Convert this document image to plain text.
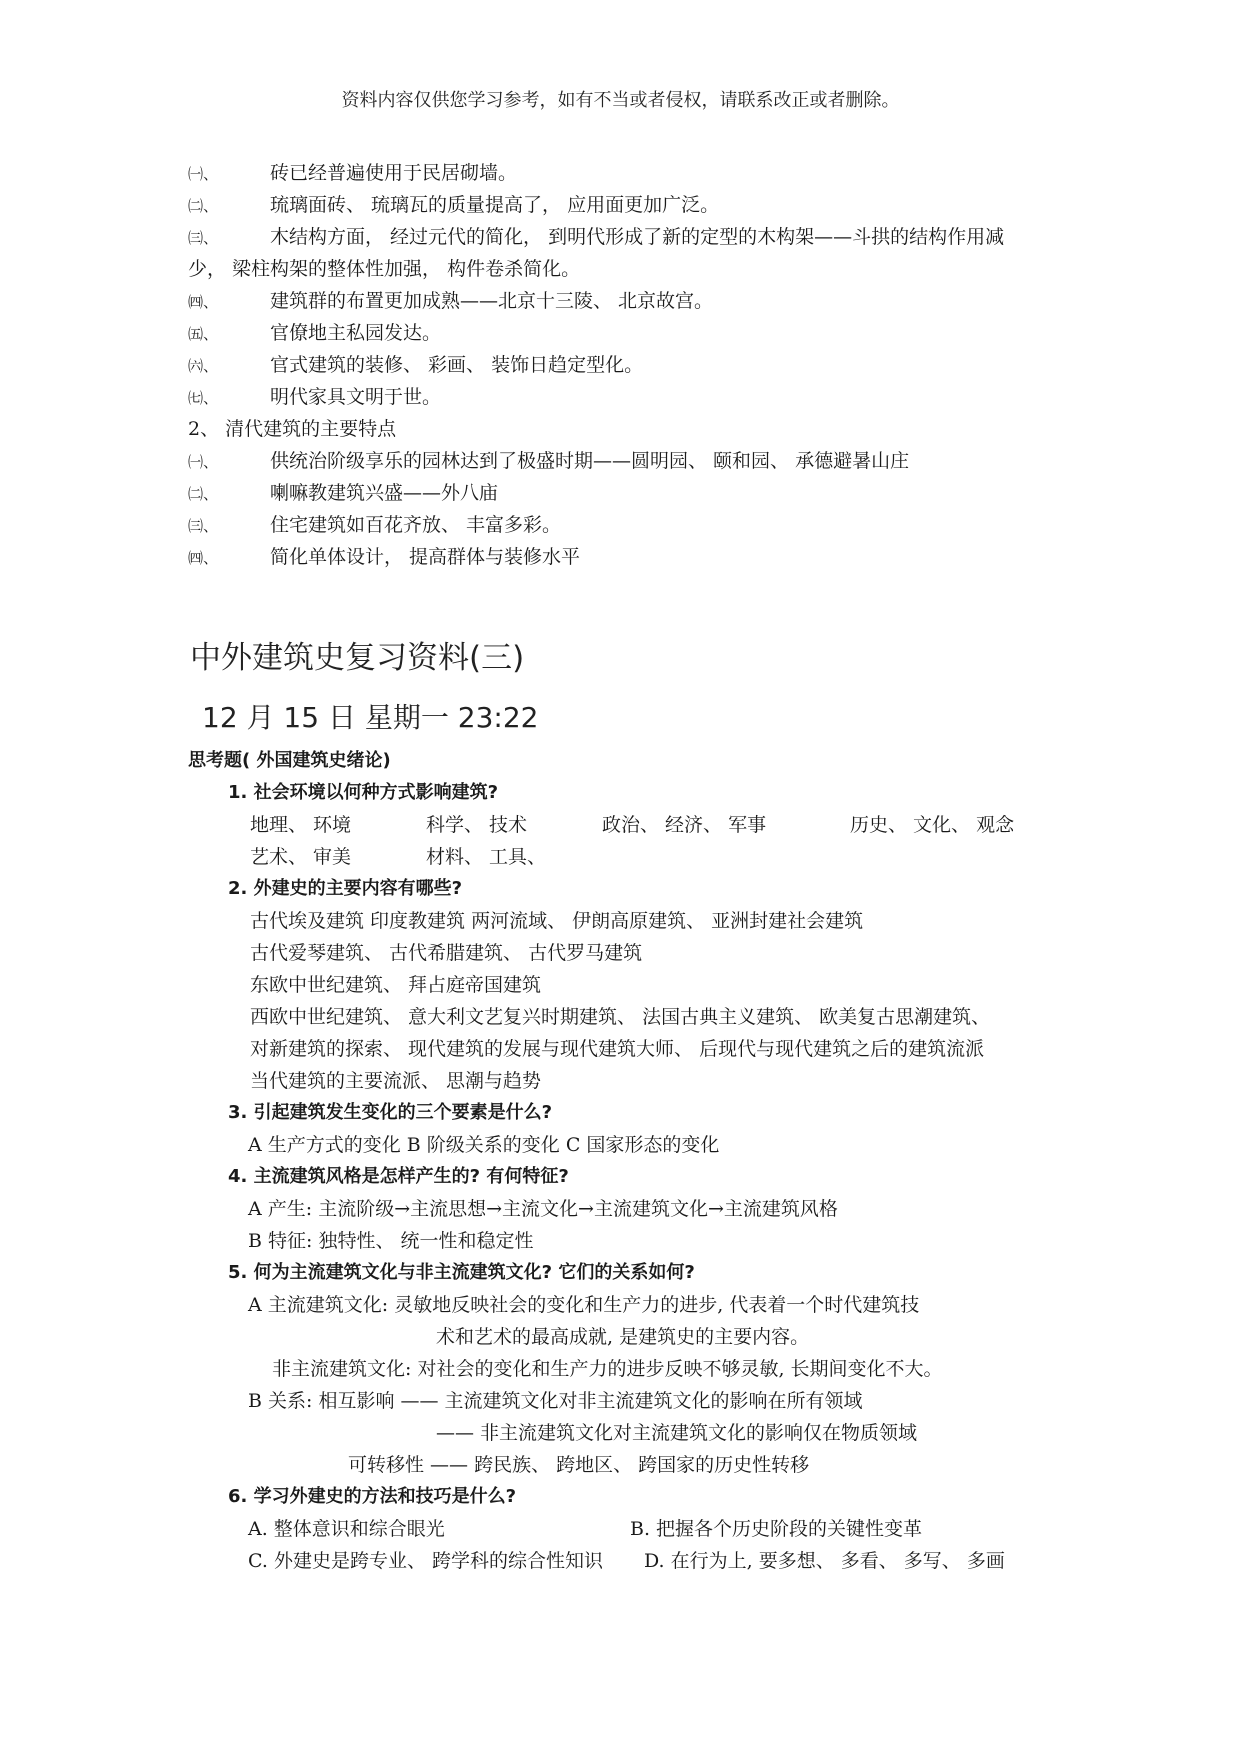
资料内容仅供您学习参考，如有不当或者侵权，请联系改正或者删除。
㈠、	砖已经普遍使用于民居砌墙。
㈡、	琉璃面砖、 琉璃瓦的质量提高了， 应用面更加广泛。
㈢、	木结构方面， 经过元代的简化， 到明代形成了新的定型的木构架——斗拱的结构作用减
少， 梁柱构架的整体性加强， 构件卷杀简化。
㈣、	建筑群的布置更加成熟——北京十三陵、 北京故宫。
㈤、	官僚地主私园发达。
㈥、	官式建筑的装修、 彩画、 装饰日趋定型化。
㈦、	明代家具文明于世。
2、 清代建筑的主要特点
㈠、	供统治阶级享乐的园林达到了极盛时期——圆明园、 颐和园、 承德避暑山庄
㈡、	喇嘛教建筑兴盛——外八庙
㈢、	住宅建筑如百花齐放、 丰富多彩。
㈣、	简化单体设计， 提高群体与装修水平
中外建筑史复习资料(三)
12 月 15 日 星期一 23:22
思考题( 外国建筑史绪论)
1. 社会环境以何种方式影响建筑?
地理、 环境	科学、 技术	政治、 经济、 军事	历史、 文化、 观念
艺术、 审美	材料、 工具、
2. 外建史的主要内容有哪些?
古代埃及建筑 印度教建筑 两河流域、 伊朗高原建筑、 亚洲封建社会建筑
古代爱琴建筑、 古代希腊建筑、 古代罗马建筑
东欧中世纪建筑、 拜占庭帝国建筑
西欧中世纪建筑、 意大利文艺复兴时期建筑、 法国古典主义建筑、 欧美复古思潮建筑、
对新建筑的探索、 现代建筑的发展与现代建筑大师、 后现代与现代建筑之后的建筑流派
当代建筑的主要流派、 思潮与趋势
3. 引起建筑发生变化的三个要素是什么?
A 生产方式的变化 B 阶级关系的变化 C 国家形态的变化
4. 主流建筑风格是怎样产生的? 有何特征?
A 产生: 主流阶级→主流思想→主流文化→主流建筑文化→主流建筑风格
B 特征: 独特性、 统一性和稳定性
5. 何为主流建筑文化与非主流建筑文化? 它们的关系如何?
A 主流建筑文化: 灵敏地反映社会的变化和生产力的进步, 代表着一个时代建筑技
术和艺术的最高成就, 是建筑史的主要内容。
非主流建筑文化: 对社会的变化和生产力的进步反映不够灵敏, 长期间变化不大。
B 关系: 相互影响 —— 主流建筑文化对非主流建筑文化的影响在所有领域
—— 非主流建筑文化对主流建筑文化的影响仅在物质领域
可转移性 —— 跨民族、 跨地区、 跨国家的历史性转移
6. 学习外建史的方法和技巧是什么?
A. 整体意识和综合眼光	B. 把握各个历史阶段的关键性变革
C. 外建史是跨专业、 跨学科的综合性知识 D. 在行为上, 要多想、 多看、 多写、 多画
